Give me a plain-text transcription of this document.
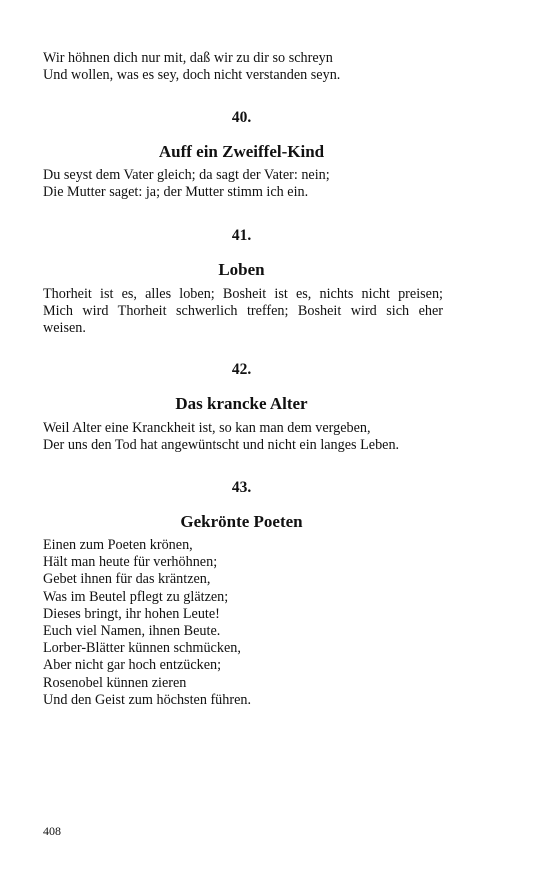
Wir höhnen dich nur mit, daß wir zu dir so schreyn
Und wollen, was es sey, doch nicht verstanden seyn.
40.
Auff ein Zweiffel-Kind
Du seyst dem Vater gleich; da sagt der Vater: nein;
Die Mutter saget: ja; der Mutter stimm ich ein.
41.
Loben
Thorheit ist es, alles loben; Bosheit ist es, nichts nicht preisen;
Mich wird Thorheit schwerlich treffen; Bosheit wird sich eher
weisen.
42.
Das krancke Alter
Weil Alter eine Kranckheit ist, so kan man dem vergeben,
Der uns den Tod hat angewüntscht und nicht ein langes Leben.
43.
Gekrönte Poeten
Einen zum Poeten krönen,
Hält man heute für verhöhnen;
Gebet ihnen für das kräntzen,
Was im Beutel pflegt zu glätzen;
Dieses bringt, ihr hohen Leute!
Euch viel Namen, ihnen Beute.
Lorber-Blätter künnen schmücken,
Aber nicht gar hoch entzücken;
Rosenobel künnen zieren
Und den Geist zum höchsten führen.
408
